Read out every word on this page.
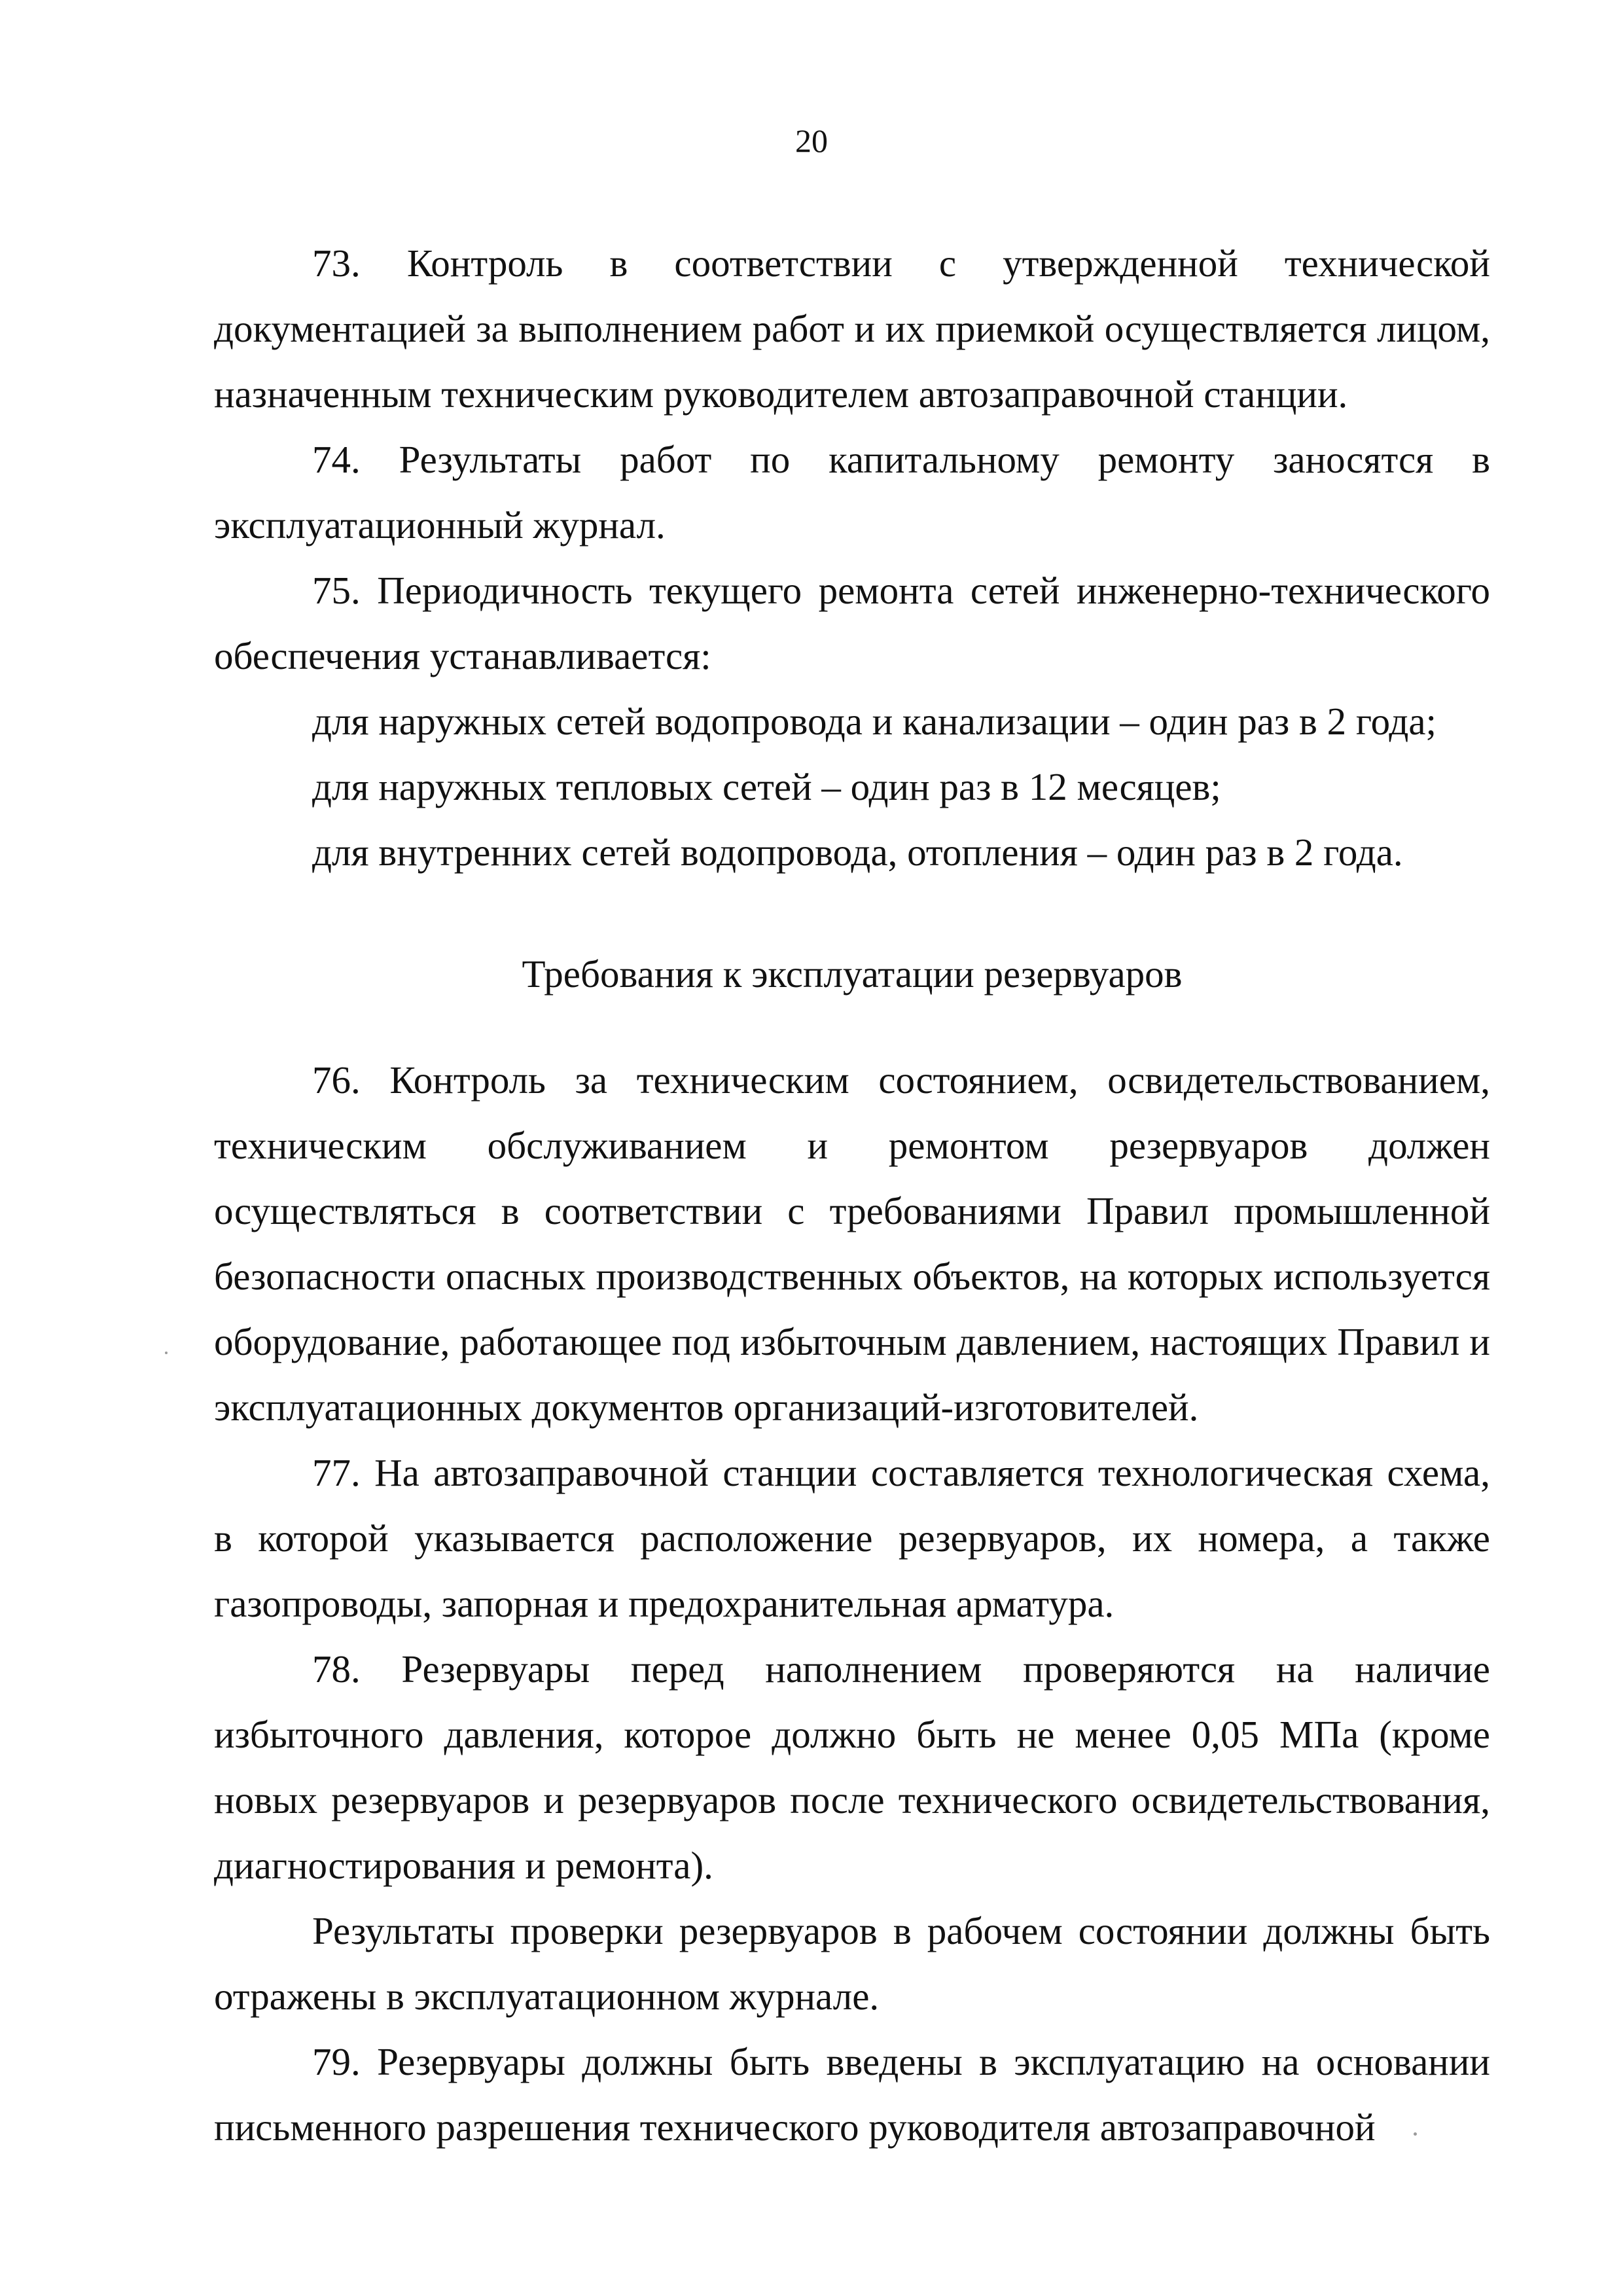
20

73. Контроль в соответствии с утвержденной технической документацией за выполнением работ и их приемкой осуществляется лицом, назначенным техническим руководителем автозаправочной станции.

74. Результаты работ по капитальному ремонту заносятся в эксплуатационный журнал.

75. Периодичность текущего ремонта сетей инженерно-технического обеспечения устанавливается:

для наружных сетей водопровода и канализации – один раз в 2 года;

для наружных тепловых сетей – один раз в 12 месяцев;

для внутренних сетей водопровода, отопления – один раз в 2 года.

Требования к эксплуатации резервуаров

76. Контроль за техническим состоянием, освидетельствованием, техническим обслуживанием и ремонтом резервуаров должен осуществляться в соответствии с требованиями Правил промышленной безопасности опасных производственных объектов, на которых используется оборудование, работающее под избыточным давлением, настоящих Правил и эксплуатационных документов организаций-изготовителей.

77. На автозаправочной станции составляется технологическая схема, в которой указывается расположение резервуаров, их номера, а также газопроводы, запорная и предохранительная арматура.

78. Резервуары перед наполнением проверяются на наличие избыточного давления, которое должно быть не менее 0,05 МПа (кроме новых резервуаров и резервуаров после технического освидетельствования, диагностирования и ремонта).

Результаты проверки резервуаров в рабочем состоянии должны быть отражены в эксплуатационном журнале.

79. Резервуары должны быть введены в эксплуатацию на основании письменного разрешения технического руководителя автозаправочной
